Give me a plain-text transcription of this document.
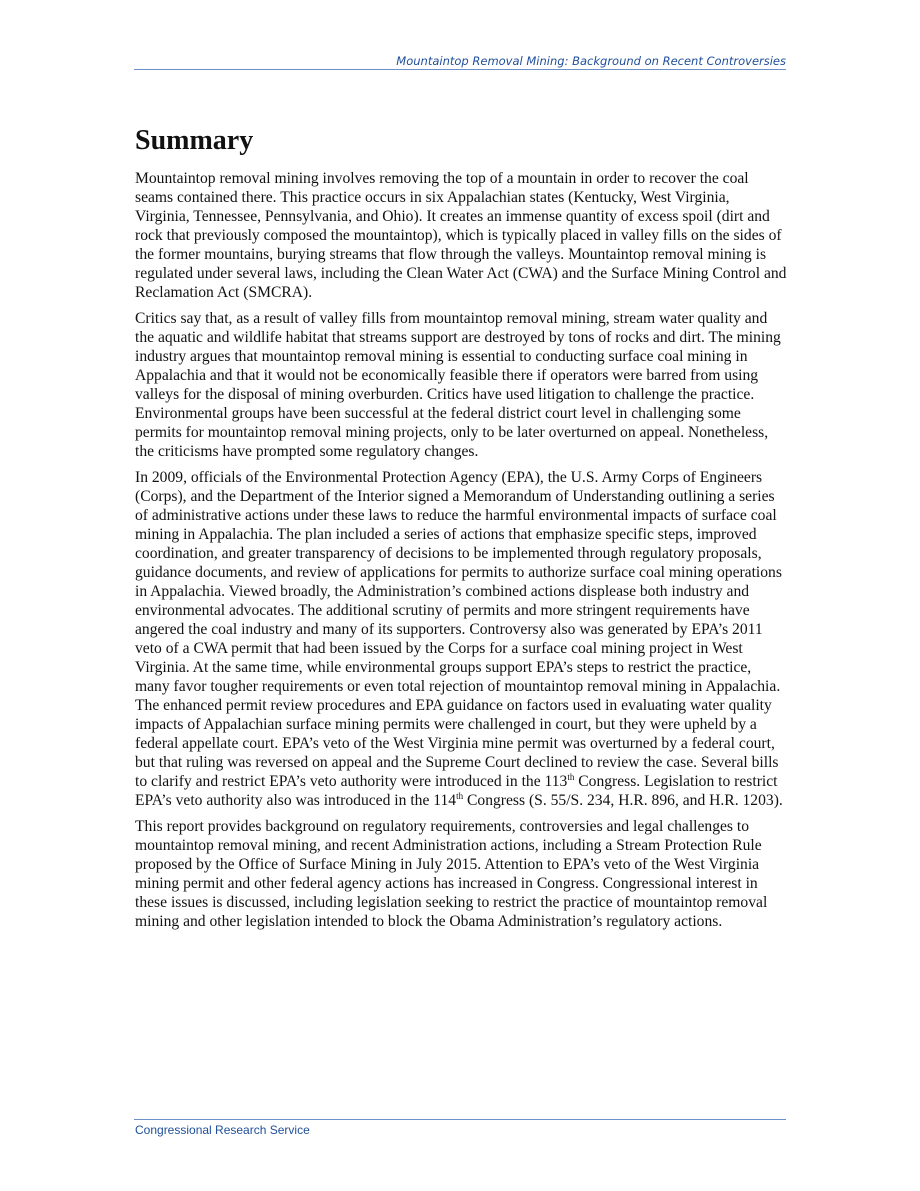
Mountaintop Removal Mining: Background on Recent Controversies
Summary

Mountaintop removal mining involves removing the top of a mountain in order to recover the coal seams contained there. This practice occurs in six Appalachian states (Kentucky, West Virginia, Virginia, Tennessee, Pennsylvania, and Ohio). It creates an immense quantity of excess spoil (dirt and rock that previously composed the mountaintop), which is typically placed in valley fills on the sides of the former mountains, burying streams that flow through the valleys. Mountaintop removal mining is regulated under several laws, including the Clean Water Act (CWA) and the Surface Mining Control and Reclamation Act (SMCRA).

Critics say that, as a result of valley fills from mountaintop removal mining, stream water quality and the aquatic and wildlife habitat that streams support are destroyed by tons of rocks and dirt. The mining industry argues that mountaintop removal mining is essential to conducting surface coal mining in Appalachia and that it would not be economically feasible there if operators were barred from using valleys for the disposal of mining overburden. Critics have used litigation to challenge the practice. Environmental groups have been successful at the federal district court level in challenging some permits for mountaintop removal mining projects, only to be later overturned on appeal. Nonetheless, the criticisms have prompted some regulatory changes.

In 2009, officials of the Environmental Protection Agency (EPA), the U.S. Army Corps of Engineers (Corps), and the Department of the Interior signed a Memorandum of Understanding outlining a series of administrative actions under these laws to reduce the harmful environmental impacts of surface coal mining in Appalachia. The plan included a series of actions that emphasize specific steps, improved coordination, and greater transparency of decisions to be implemented through regulatory proposals, guidance documents, and review of applications for permits to authorize surface coal mining operations in Appalachia. Viewed broadly, the Administration’s combined actions displease both industry and environmental advocates. The additional scrutiny of permits and more stringent requirements have angered the coal industry and many of its supporters. Controversy also was generated by EPA’s 2011 veto of a CWA permit that had been issued by the Corps for a surface coal mining project in West Virginia. At the same time, while environmental groups support EPA’s steps to restrict the practice, many favor tougher requirements or even total rejection of mountaintop removal mining in Appalachia. The enhanced permit review procedures and EPA guidance on factors used in evaluating water quality impacts of Appalachian surface mining permits were challenged in court, but they were upheld by a federal appellate court. EPA’s veto of the West Virginia mine permit was overturned by a federal court, but that ruling was reversed on appeal and the Supreme Court declined to review the case. Several bills to clarify and restrict EPA’s veto authority were introduced in the 113th Congress. Legislation to restrict EPA’s veto authority also was introduced in the 114th Congress (S. 55/S. 234, H.R. 896, and H.R. 1203).

This report provides background on regulatory requirements, controversies and legal challenges to mountaintop removal mining, and recent Administration actions, including a Stream Protection Rule proposed by the Office of Surface Mining in July 2015. Attention to EPA’s veto of the West Virginia mining permit and other federal agency actions has increased in Congress. Congressional interest in these issues is discussed, including legislation seeking to restrict the practice of mountaintop removal mining and other legislation intended to block the Obama Administration’s regulatory actions.

Congressional Research Service
